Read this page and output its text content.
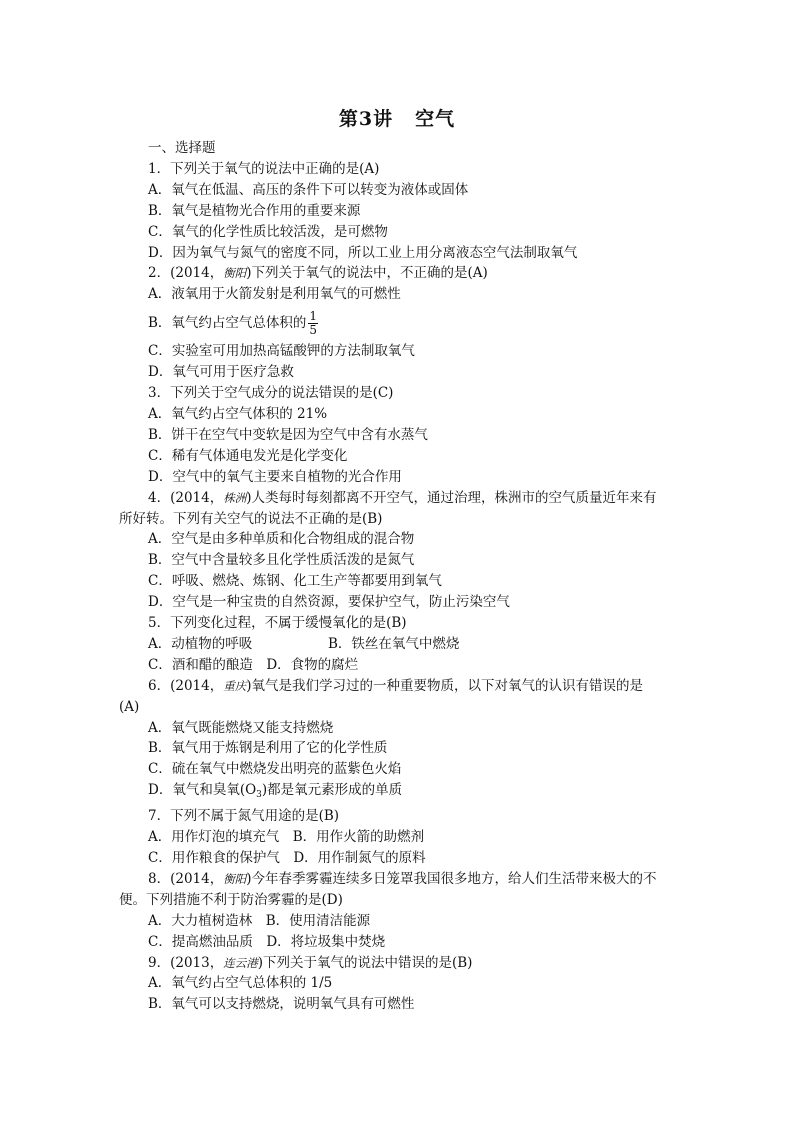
第3讲 空气
一、选择题
1．下列关于氧气的说法中正确的是(A)
A．氧气在低温、高压的条件下可以转变为液体或固体
B．氧气是植物光合作用的重要来源
C．氧气的化学性质比较活泼，是可燃物
D．因为氧气与氮气的密度不同，所以工业上用分离液态空气法制取氧气
2．(2014，衡阳)下列关于氧气的说法中，不正确的是(A)
A．液氧用于火箭发射是利用氧气的可燃性
B．氧气约占空气总体积的 $\frac{1}{5}$
C．实验室可用加热高锰酸钾的方法制取氧气
D．氧气可用于医疗急救
3．下列关于空气成分的说法错误的是(C)
A．氧气约占空气体积的 21%
B．饼干在空气中变软是因为空气中含有水蒸气
C．稀有气体通电发光是化学变化
D．空气中的氧气主要来自植物的光合作用
4．(2014，株洲)人类每时每刻都离不开空气，通过治理，株洲市的空气质量近年来有
所好转。下列有关空气的说法不正确的是(B)
A．空气是由多种单质和化合物组成的混合物
B．空气中含量较多且化学性质活泼的是氮气
C．呼吸、燃烧、炼钢、化工生产等都要用到氧气
D．空气是一种宝贵的自然资源，要保护空气，防止污染空气
5．下列变化过程，不属于缓慢氧化的是(B)
A．动植物的呼吸	B．铁丝在氧气中燃烧
C．酒和醋的酿造　D．食物的腐烂
6．(2014，重庆)氧气是我们学习过的一种重要物质，以下对氧气的认识有错误的是
(A)
A．氧气既能燃烧又能支持燃烧
B．氧气用于炼钢是利用了它的化学性质
C．硫在氧气中燃烧发出明亮的蓝紫色火焰
D．氧气和臭氧$(O_3)$都是氧元素形成的单质
7．下列不属于氮气用途的是(B)
A．用作灯泡的填充气　B．用作火箭的助燃剂
C．用作粮食的保护气　D．用作制氮气的原料
8．(2014，衡阳)今年春季雾霾连续多日笼罩我国很多地方，给人们生活带来极大的不
便。下列措施不利于防治雾霾的是(D)
A．大力植树造林　B．使用清洁能源
C．提高燃油品质　D．将垃圾集中焚烧
9．(2013，连云港)下列关于氧气的说法中错误的是(B)
A．氧气约占空气总体积的 1/5
B．氧气可以支持燃烧，说明氧气具有可燃性
